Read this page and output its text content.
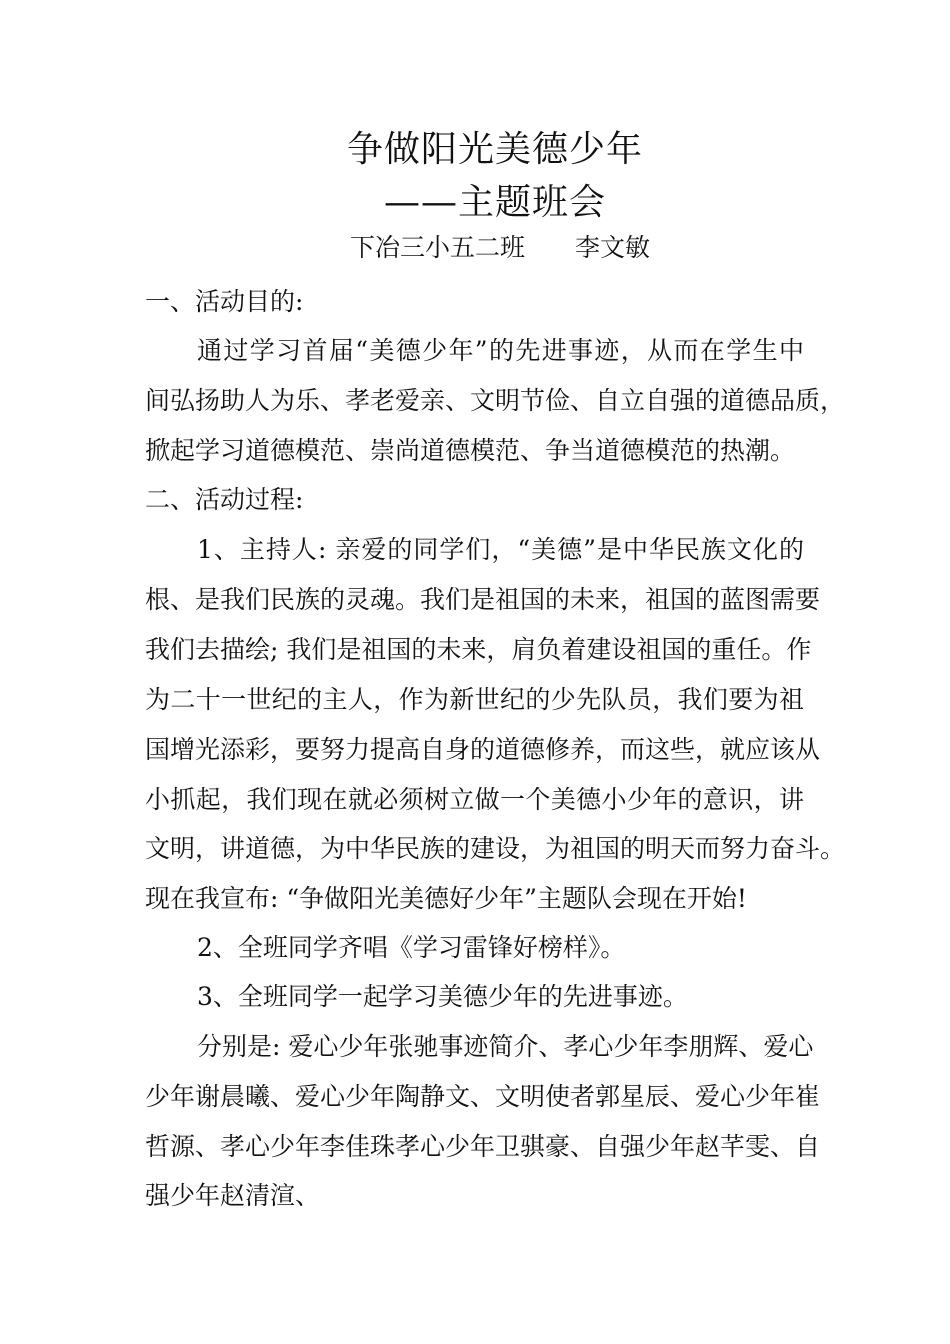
争做阳光美德少年
——主题班会
下冶三小五二班　　李文敏
一、活动目的:
通过学习首届“美德少年”的先进事迹，从而在学生中
间弘扬助人为乐、孝老爱亲、文明节俭、自立自强的道德品质，
掀起学习道德模范、崇尚道德模范、争当道德模范的热潮。
二、活动过程:
1、主持人: 亲爱的同学们，“美德”是中华民族文化的
根、是我们民族的灵魂。我们是祖国的未来，祖国的蓝图需要
我们去描绘; 我们是祖国的未来，肩负着建设祖国的重任。作
为二十一世纪的主人，作为新世纪的少先队员，我们要为祖
国增光添彩，要努力提高自身的道德修养，而这些，就应该从
小抓起，我们现在就必须树立做一个美德小少年的意识，讲
文明，讲道德，为中华民族的建设，为祖国的明天而努力奋斗。
现在我宣布: “争做阳光美德好少年”主题队会现在开始!
2、全班同学齐唱《学习雷锋好榜样》。
3、全班同学一起学习美德少年的先进事迹。
分别是: 爱心少年张驰事迹简介、孝心少年李朋辉、爱心
少年谢晨曦、爱心少年陶静文、文明使者郭星辰、爱心少年崔
哲源、孝心少年李佳珠孝心少年卫骐豪、自强少年赵芊雯、自
强少年赵清渲、
